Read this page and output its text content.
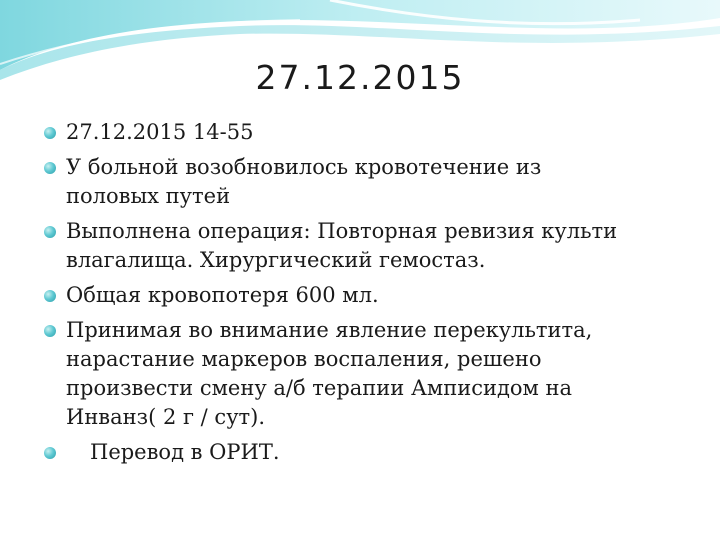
27.12.2015
27.12.2015 14-55
У больной возобновилось кровотечение из
половых путей
Выполнена операция: Повторная ревизия культи
влагалища. Хирургический гемостаз.
Общая кровопотеря 600 мл.
Принимая во внимание явление перекультита,
нарастание маркеров воспаления, решено
произвести смену а/б терапии Амписидом на
Инванз( 2 г / сут).
Перевод в ОРИТ.
